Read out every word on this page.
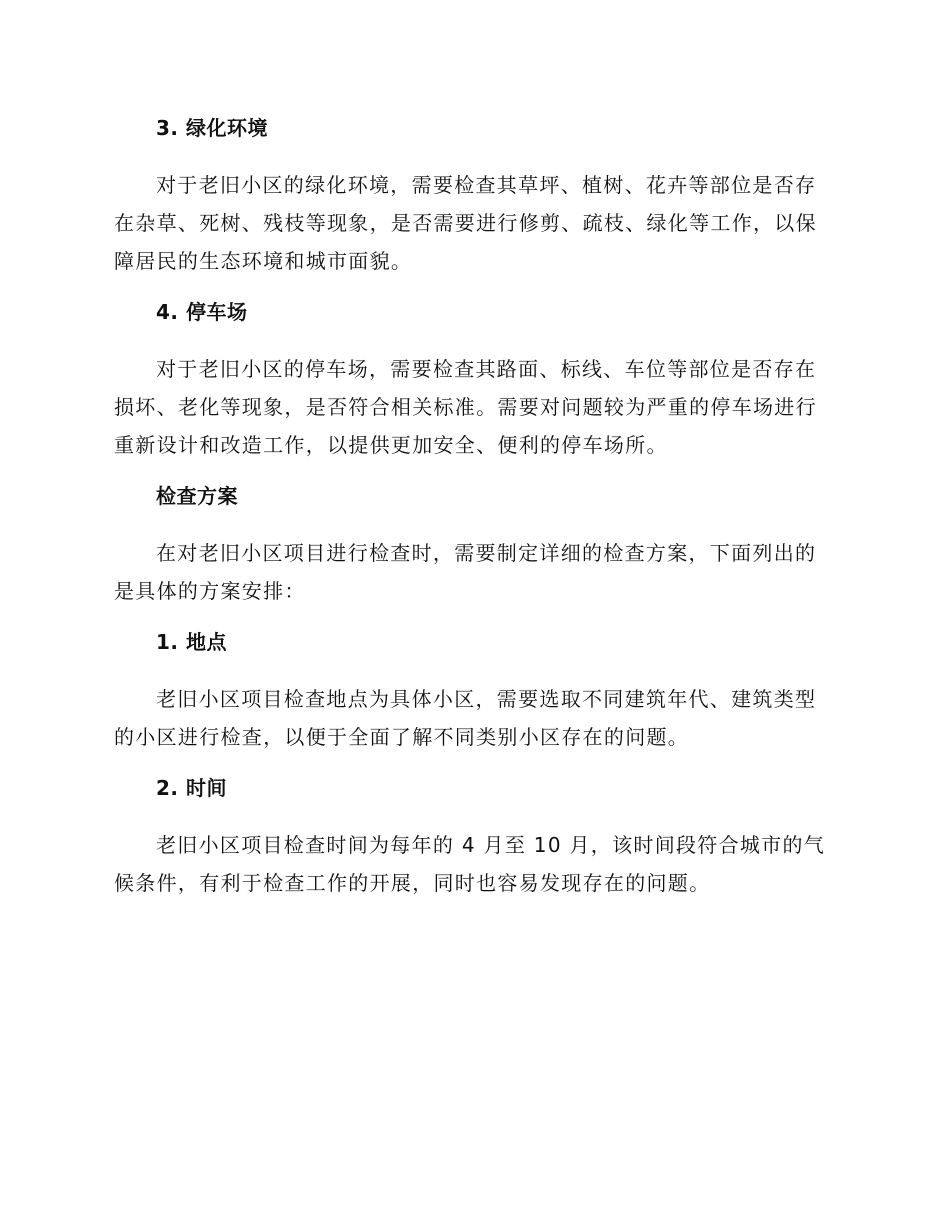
3. 绿化环境
对于老旧小区的绿化环境，需要检查其草坪、植树、花卉等部位是否存在杂草、死树、残枝等现象，是否需要进行修剪、疏枝、绿化等工作，以保障居民的生态环境和城市面貌。
4. 停车场
对于老旧小区的停车场，需要检查其路面、标线、车位等部位是否存在损坏、老化等现象，是否符合相关标准。需要对问题较为严重的停车场进行重新设计和改造工作，以提供更加安全、便利的停车场所。
检查方案
在对老旧小区项目进行检查时，需要制定详细的检查方案，下面列出的是具体的方案安排：
1. 地点
老旧小区项目检查地点为具体小区，需要选取不同建筑年代、建筑类型的小区进行检查，以便于全面了解不同类别小区存在的问题。
2. 时间
老旧小区项目检查时间为每年的 4 月至 10 月，该时间段符合城市的气候条件，有利于检查工作的开展，同时也容易发现存在的问题。
